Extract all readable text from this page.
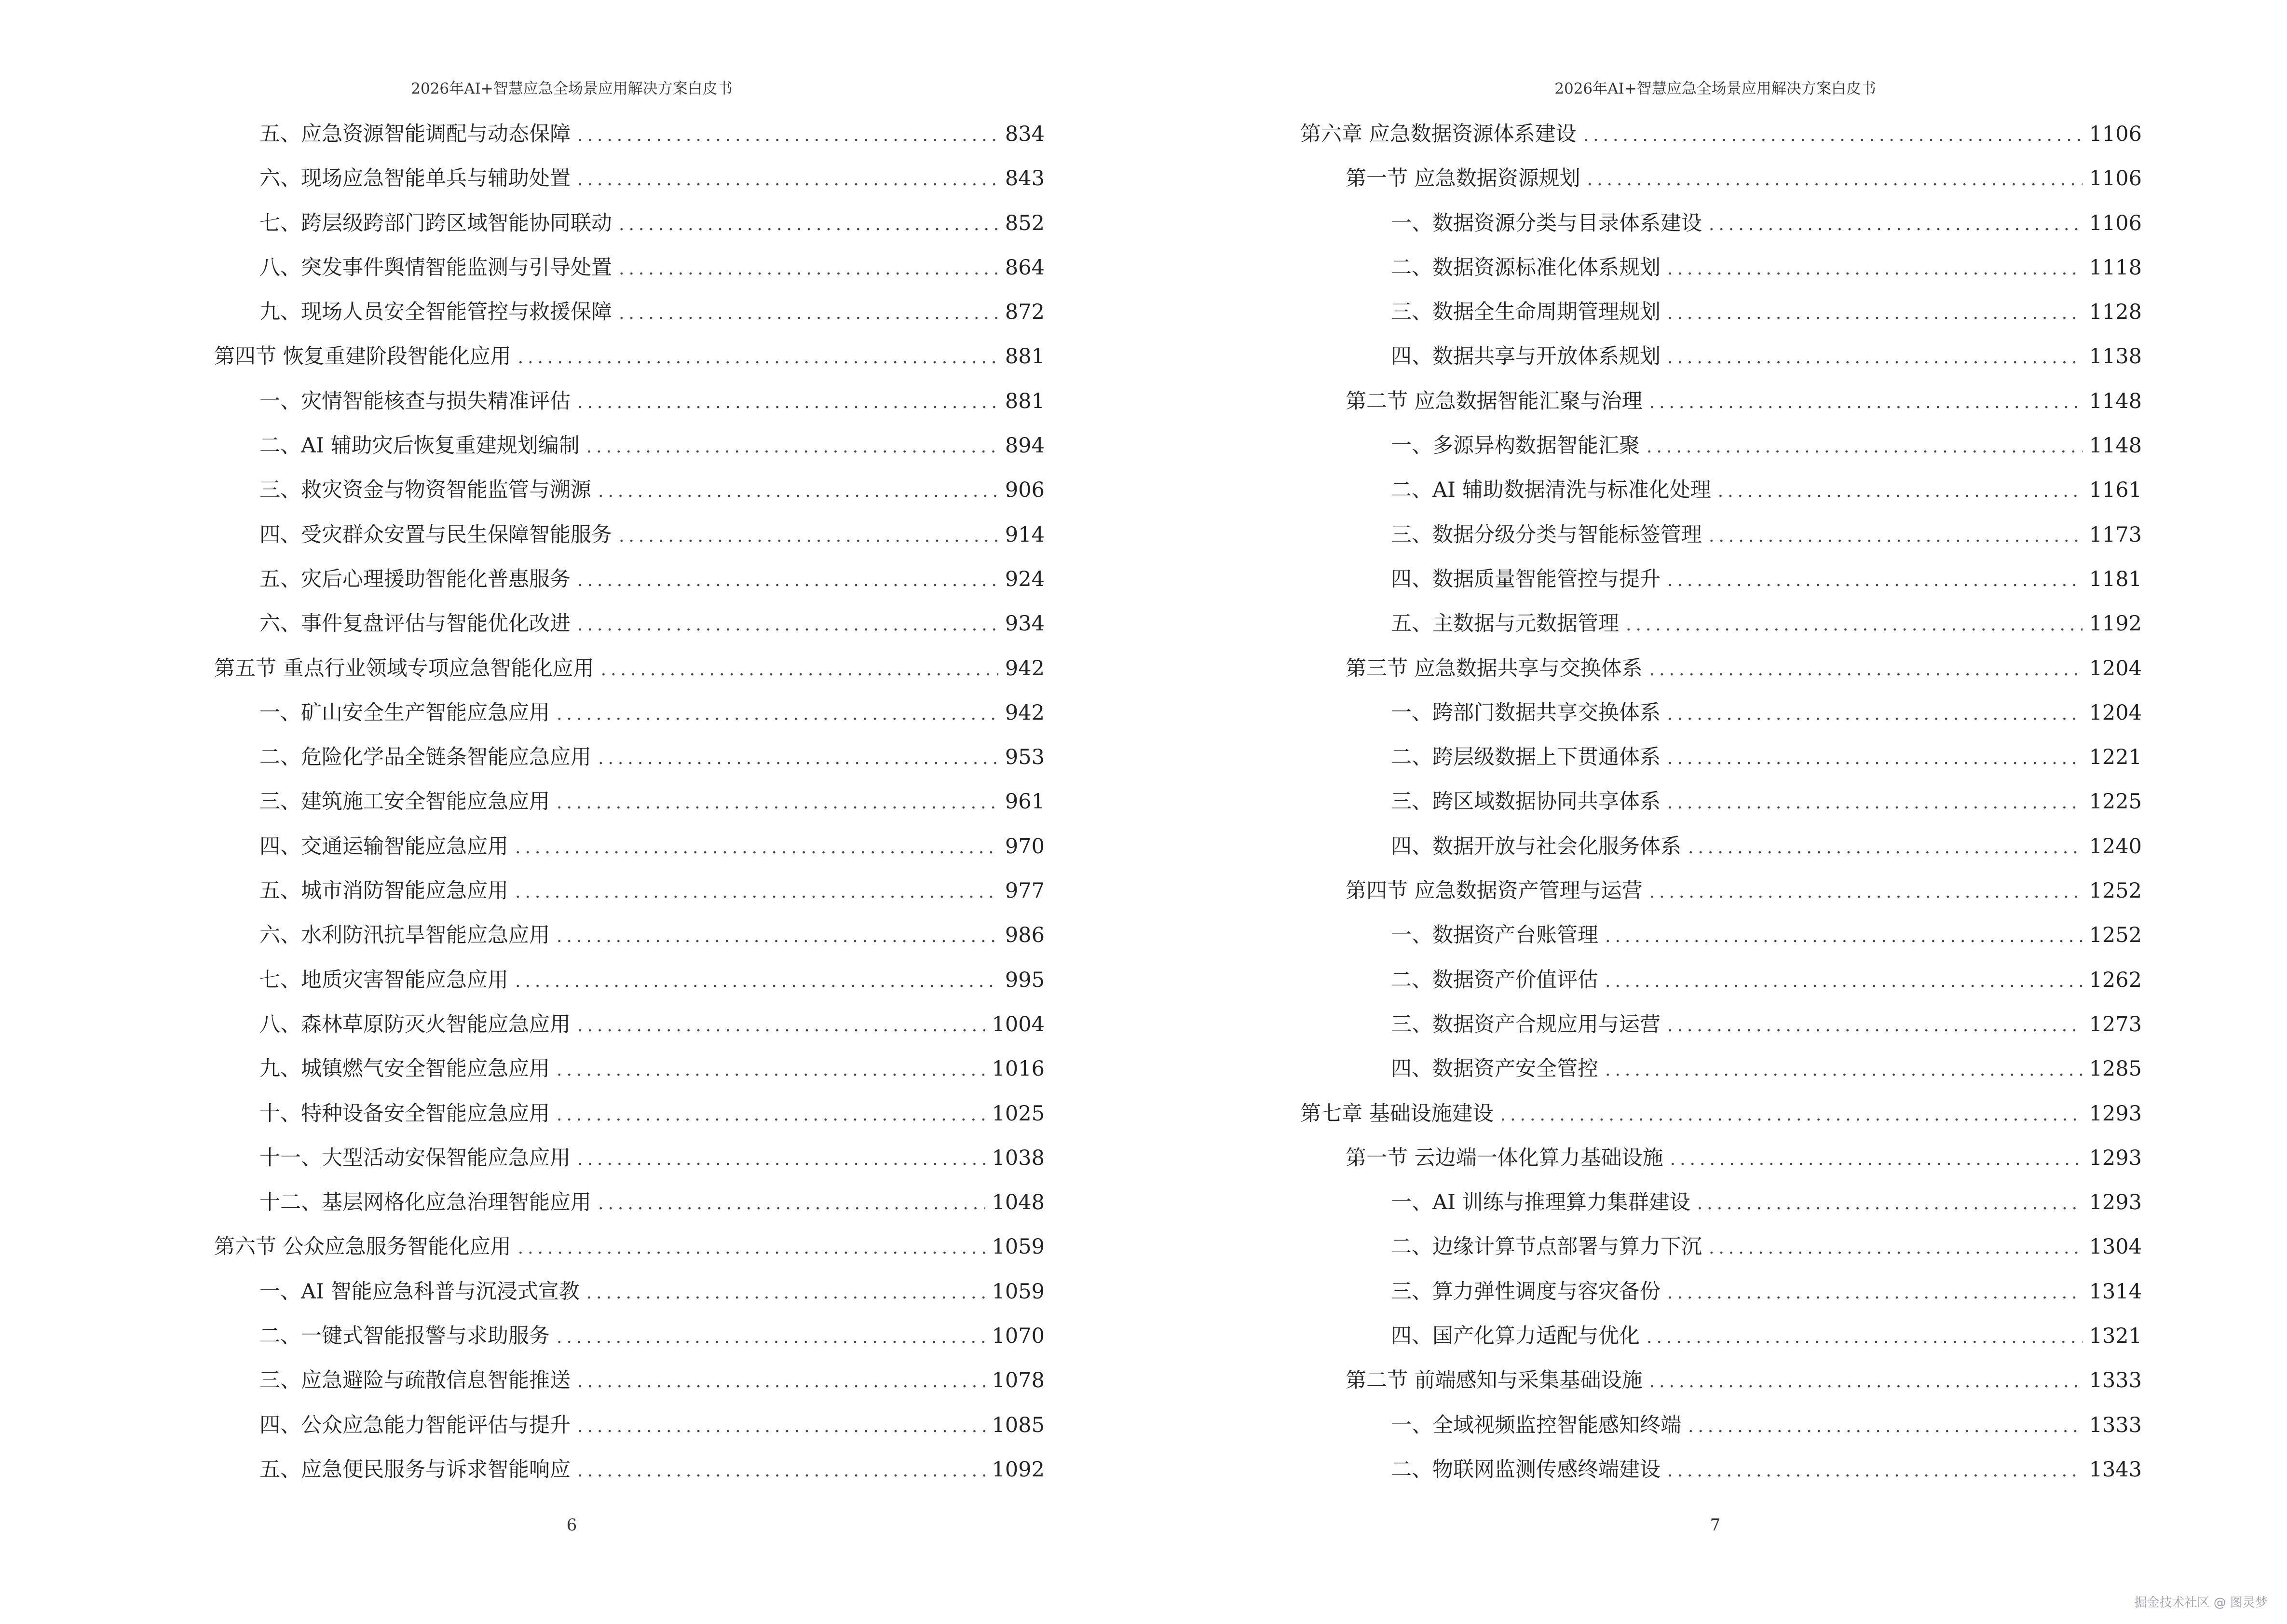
2026年AI+智慧应急全场景应用解决方案白皮书
五、应急资源智能调配与动态保障 .....	834
六、现场应急智能单兵与辅助处置 .....	843
七、跨层级跨部门跨区域智能协同联动 .....	852
八、突发事件舆情智能监测与引导处置 .....	864
九、现场人员安全智能管控与救援保障 .....	872
第四节 恢复重建阶段智能化应用 .....	881
一、灾情智能核查与损失精准评估 .....	881
二、AI 辅助灾后恢复重建规划编制 .....	894
三、救灾资金与物资智能监管与溯源 .....	906
四、受灾群众安置与民生保障智能服务 .....	914
五、灾后心理援助智能化普惠服务 .....	924
六、事件复盘评估与智能优化改进 .....	934
第五节 重点行业领域专项应急智能化应用 .....	942
一、矿山安全生产智能应急应用 .....	942
二、危险化学品全链条智能应急应用 .....	953
三、建筑施工安全智能应急应用 .....	961
四、交通运输智能应急应用 .....	970
五、城市消防智能应急应用 .....	977
六、水利防汛抗旱智能应急应用 .....	986
七、地质灾害智能应急应用 .....	995
八、森林草原防灭火智能应急应用 .....	1004
九、城镇燃气安全智能应急应用 .....	1016
十、特种设备安全智能应急应用 .....	1025
十一、大型活动安保智能应急应用 .....	1038
十二、基层网格化应急治理智能应用 .....	1048
第六节 公众应急服务智能化应用 .....	1059
一、AI 智能应急科普与沉浸式宣教 .....	1059
二、一键式智能报警与求助服务 .....	1070
三、应急避险与疏散信息智能推送 .....	1078
四、公众应急能力智能评估与提升 .....	1085
五、应急便民服务与诉求智能响应 .....	1092
6
2026年AI+智慧应急全场景应用解决方案白皮书
第六章 应急数据资源体系建设 .....	1106
第一节 应急数据资源规划 .....	1106
一、数据资源分类与目录体系建设 .....	1106
二、数据资源标准化体系规划 .....	1118
三、数据全生命周期管理规划 .....	1128
四、数据共享与开放体系规划 .....	1138
第二节 应急数据智能汇聚与治理 .....	1148
一、多源异构数据智能汇聚 .....	1148
二、AI 辅助数据清洗与标准化处理 .....	1161
三、数据分级分类与智能标签管理 .....	1173
四、数据质量智能管控与提升 .....	1181
五、主数据与元数据管理 .....	1192
第三节 应急数据共享与交换体系 .....	1204
一、跨部门数据共享交换体系 .....	1204
二、跨层级数据上下贯通体系 .....	1221
三、跨区域数据协同共享体系 .....	1225
四、数据开放与社会化服务体系 .....	1240
第四节 应急数据资产管理与运营 .....	1252
一、数据资产台账管理 .....	1252
二、数据资产价值评估 .....	1262
三、数据资产合规应用与运营 .....	1273
四、数据资产安全管控 .....	1285
第七章 基础设施建设 .....	1293
第一节 云边端一体化算力基础设施 .....	1293
一、AI 训练与推理算力集群建设 .....	1293
二、边缘计算节点部署与算力下沉 .....	1304
三、算力弹性调度与容灾备份 .....	1314
四、国产化算力适配与优化 .....	1321
第二节 前端感知与采集基础设施 .....	1333
一、全域视频监控智能感知终端 .....	1333
二、物联网监测传感终端建设 .....	1343
7
掘金技术社区 @ 图灵梦
